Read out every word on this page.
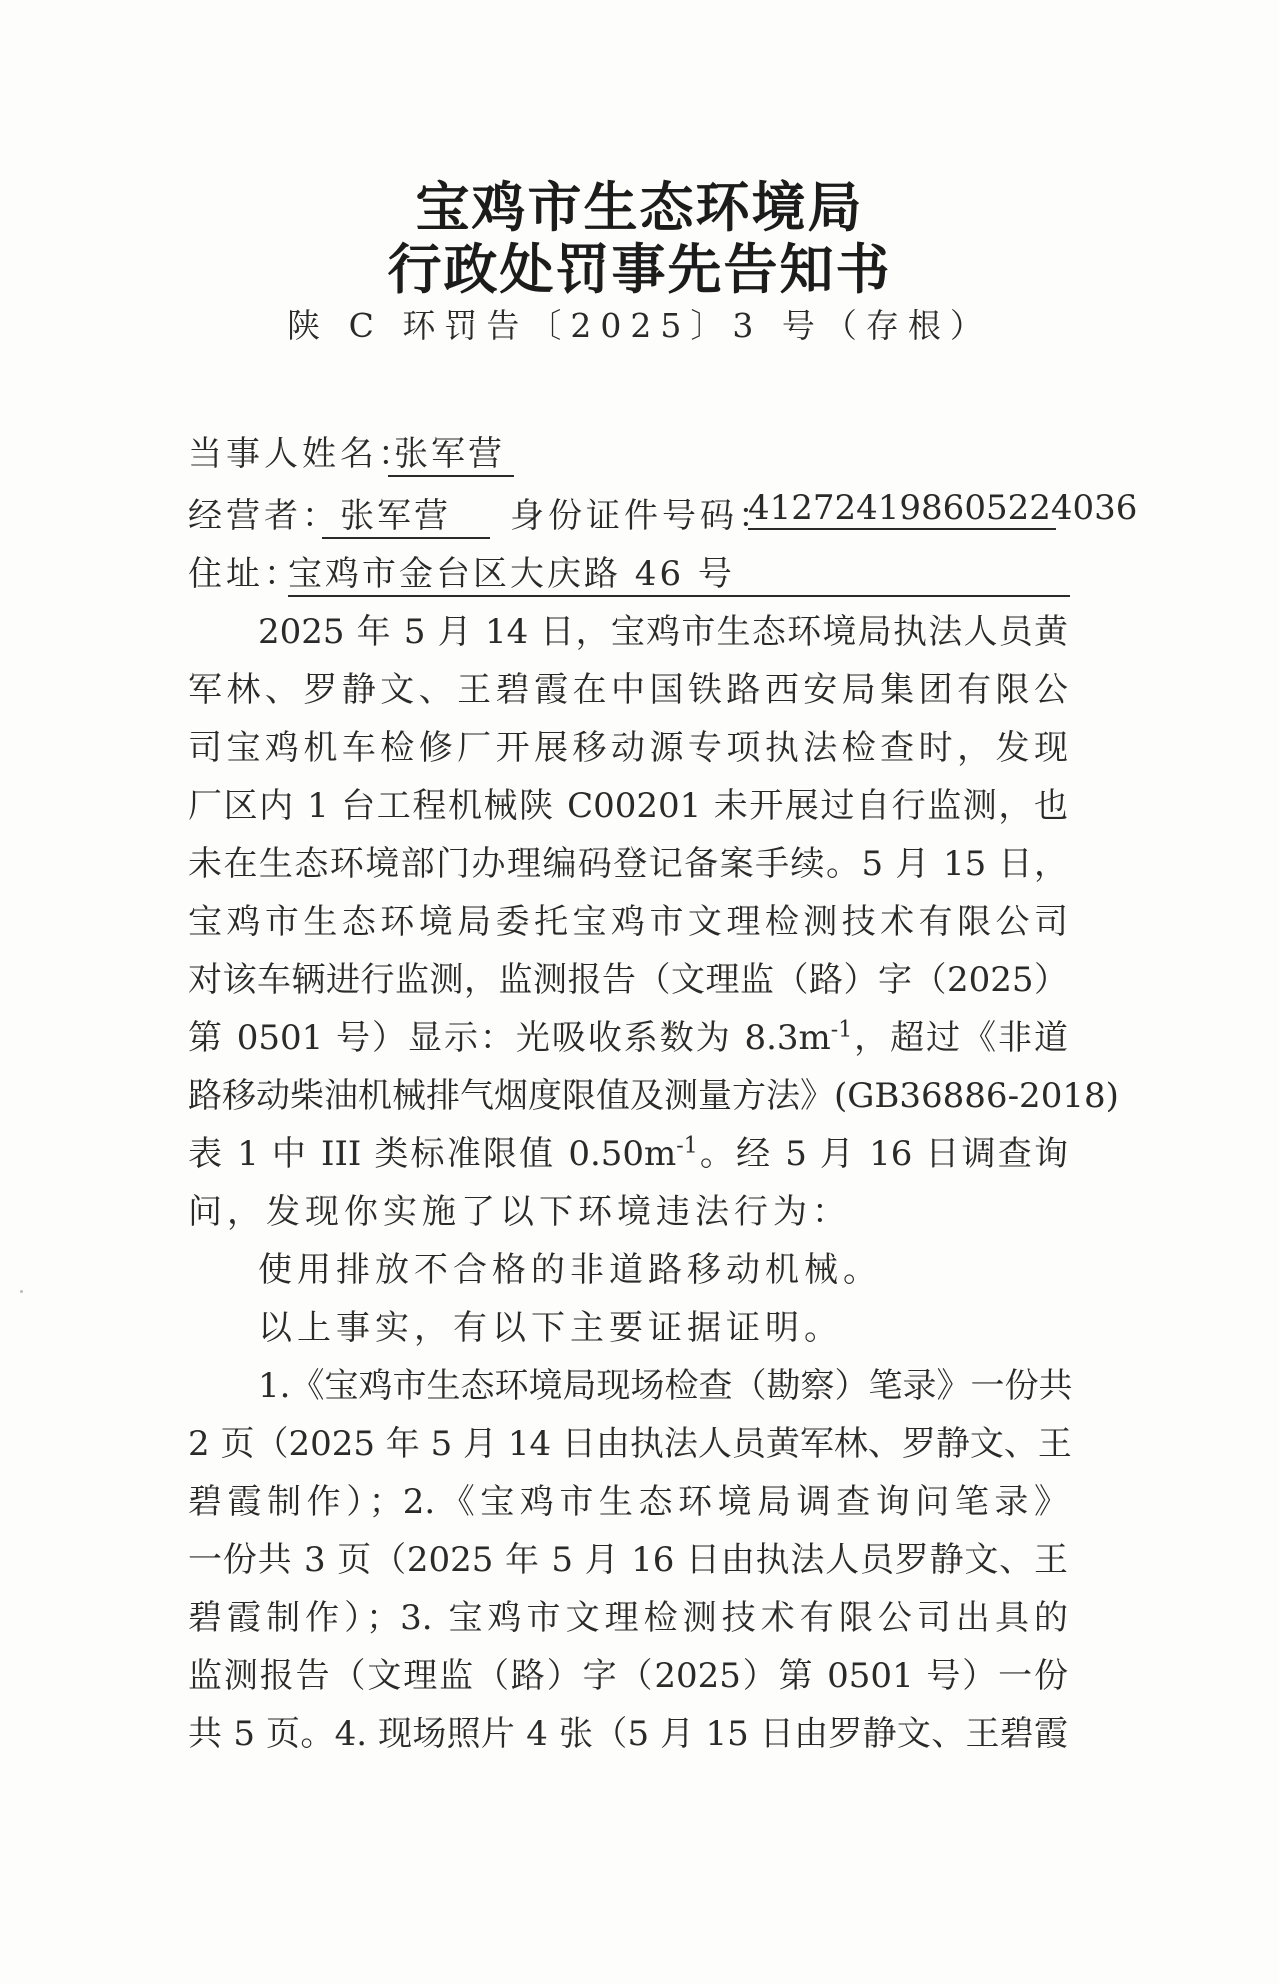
宝鸡市生态环境局
行政处罚事先告知书
陕 C 环罚告〔2025〕3 号（存根）
当事人姓名：
张军营
经营者： 张军营	身份证件号码：
412724198605224036
住址：
宝鸡市金台区大庆路 46 号
2025 年 5 月 14 日，宝鸡市生态环境局执法人员黄
军林、罗静文、王碧霞在中国铁路西安局集团有限公
司宝鸡机车检修厂开展移动源专项执法检查时，发现
厂区内 1 台工程机械陕 C00201 未开展过自行监测，也
未在生态环境部门办理编码登记备案手续。5 月 15 日，
宝鸡市生态环境局委托宝鸡市文理检测技术有限公司
对该车辆进行监测，监测报告（文理监（路）字（2025）
第 0501 号）显示：光吸收系数为 $8.3m^{-1}$，超过《非道
路移动柴油机械排气烟度限值及测量方法》(GB36886-2018)
表 1 中 III 类标准限值 $0.50m^{-1}$。经 5 月 16 日调查询
问，发现你实施了以下环境违法行为：
使用排放不合格的非道路移动机械。
以上事实，有以下主要证据证明。
1.《宝鸡市生态环境局现场检查（勘察）笔录》一份共
2 页（2025 年 5 月 14 日由执法人员黄军林、罗静文、王
碧霞制作）；2.《宝鸡市生态环境局调查询问笔录》
一份共 3 页（2025 年 5 月 16 日由执法人员罗静文、王
碧霞制作）；3. 宝鸡市文理检测技术有限公司出具的
监测报告（文理监（路）字（2025）第 0501 号）一份
共 5 页。4. 现场照片 4 张（5 月 15 日由罗静文、王碧霞
